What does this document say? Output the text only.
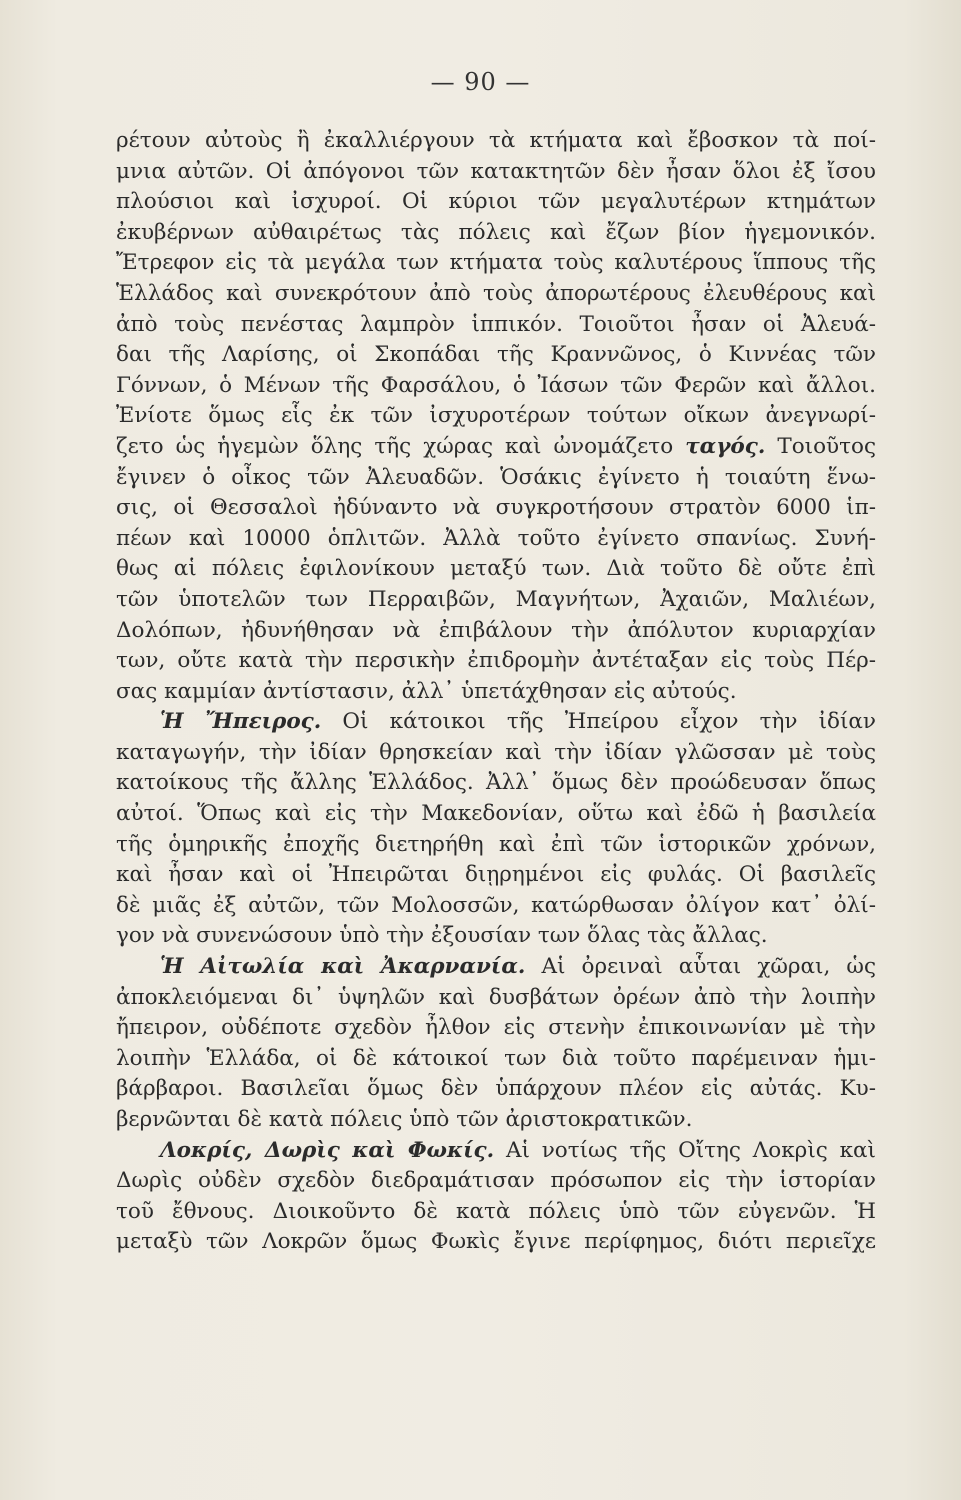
— 90 —
ρέτουν αὐτοὺς ἢ ἐκαλλιέργουν τὰ κτήματα καὶ ἔβοσκον τὰ ποί-
μνια αὐτῶν. Οἱ ἀπόγονοι τῶν κατακτητῶν δὲν ἦσαν ὅλοι ἐξ ἴσου
πλούσιοι καὶ ἰσχυροί. Οἱ κύριοι τῶν μεγαλυτέρων κτημάτων
ἐκυβέρνων αὐθαιρέτως τὰς πόλεις καὶ ἔζων βίον ἡγεμονικόν.
Ἔτρεφον εἰς τὰ μεγάλα των κτήματα τοὺς καλυτέρους ἵππους τῆς
Ἑλλάδος καὶ συνεκρότουν ἀπὸ τοὺς ἀπορωτέρους ἐλευθέρους καὶ
ἀπὸ τοὺς πενέστας λαμπρὸν ἱππικόν. Τοιοῦτοι ἦσαν οἱ Ἀλευά-
δαι τῆς Λαρίσης, οἱ Σκοπάδαι τῆς Κραννῶνος, ὁ Κιννέας τῶν
Γόννων, ὁ Μένων τῆς Φαρσάλου, ὁ Ἰάσων τῶν Φερῶν καὶ ἄλλοι.
Ἐνίοτε ὅμως εἷς ἐκ τῶν ἰσχυροτέρων τούτων οἴκων ἀνεγνωρί-
ζετο ὡς ἡγεμὼν ὅλης τῆς χώρας καὶ ὠνομάζετο ταγός. Τοιοῦτος
ἔγινεν ὁ οἶκος τῶν Ἀλευαδῶν. Ὁσάκις ἐγίνετο ἡ τοιαύτη ἕνω-
σις, οἱ Θεσσαλοὶ ἠδύναντο νὰ συγκροτήσουν στρατὸν 6000 ἱπ-
πέων καὶ 10000 ὁπλιτῶν. Ἀλλὰ τοῦτο ἐγίνετο σπανίως. Συνή-
θως αἱ πόλεις ἐφιλονίκουν μεταξύ των. Διὰ τοῦτο δὲ οὔτε ἐπὶ
τῶν ὑποτελῶν των Περραιβῶν, Μαγνήτων, Ἀχαιῶν, Μαλιέων,
Δολόπων, ἠδυνήθησαν νὰ ἐπιβάλουν τὴν ἀπόλυτον κυριαρχίαν
των, οὔτε κατὰ τὴν περσικὴν ἐπιδρομὴν ἀντέταξαν εἰς τοὺς Πέρ-
σας καμμίαν ἀντίστασιν, ἀλλ᾿ ὑπετάχθησαν εἰς αὐτούς.
Ἡ Ἤπειρος. Οἱ κάτοικοι τῆς Ἠπείρου εἶχον τὴν ἰδίαν
καταγωγήν, τὴν ἰδίαν θρησκείαν καὶ τὴν ἰδίαν γλῶσσαν μὲ τοὺς
κατοίκους τῆς ἄλλης Ἑλλάδος. Ἀλλ᾿ ὅμως δὲν προώδευσαν ὅπως
αὐτοί. Ὅπως καὶ εἰς τὴν Μακεδονίαν, οὕτω καὶ ἐδῶ ἡ βασιλεία
τῆς ὁμηρικῆς ἐποχῆς διετηρήθη καὶ ἐπὶ τῶν ἱστορικῶν χρόνων,
καὶ ἦσαν καὶ οἱ Ἠπειρῶται διῃρημένοι εἰς φυλάς. Οἱ βασιλεῖς
δὲ μιᾶς ἐξ αὐτῶν, τῶν Μολοσσῶν, κατώρθωσαν ὀλίγον κατ᾿ ὀλί-
γον νὰ συνενώσουν ὑπὸ τὴν ἐξουσίαν των ὅλας τὰς ἄλλας.
Ἡ Αἰτωλία καὶ Ἀκαρνανία. Αἱ ὀρειναὶ αὗται χῶραι, ὡς
ἀποκλειόμεναι δι᾿ ὑψηλῶν καὶ δυσβάτων ὀρέων ἀπὸ τὴν λοιπὴν
ἤπειρον, οὐδέποτε σχεδὸν ἦλθον εἰς στενὴν ἐπικοινωνίαν μὲ τὴν
λοιπὴν Ἑλλάδα, οἱ δὲ κάτοικοί των διὰ τοῦτο παρέμειναν ἡμι-
βάρβαροι. Βασιλεῖαι ὅμως δὲν ὑπάρχουν πλέον εἰς αὐτάς. Κυ-
βερνῶνται δὲ κατὰ πόλεις ὑπὸ τῶν ἀριστοκρατικῶν.
Λοκρίς, Δωρὶς καὶ Φωκίς. Αἱ νοτίως τῆς Οἴτης Λοκρὶς καὶ
Δωρὶς οὐδὲν σχεδὸν διεδραμάτισαν πρόσωπον εἰς τὴν ἱστορίαν
τοῦ ἔθνους. Διοικοῦντο δὲ κατὰ πόλεις ὑπὸ τῶν εὐγενῶν. Ἡ
μεταξὺ τῶν Λοκρῶν ὅμως Φωκὶς ἔγινε περίφημος, διότι περιεῖχε
